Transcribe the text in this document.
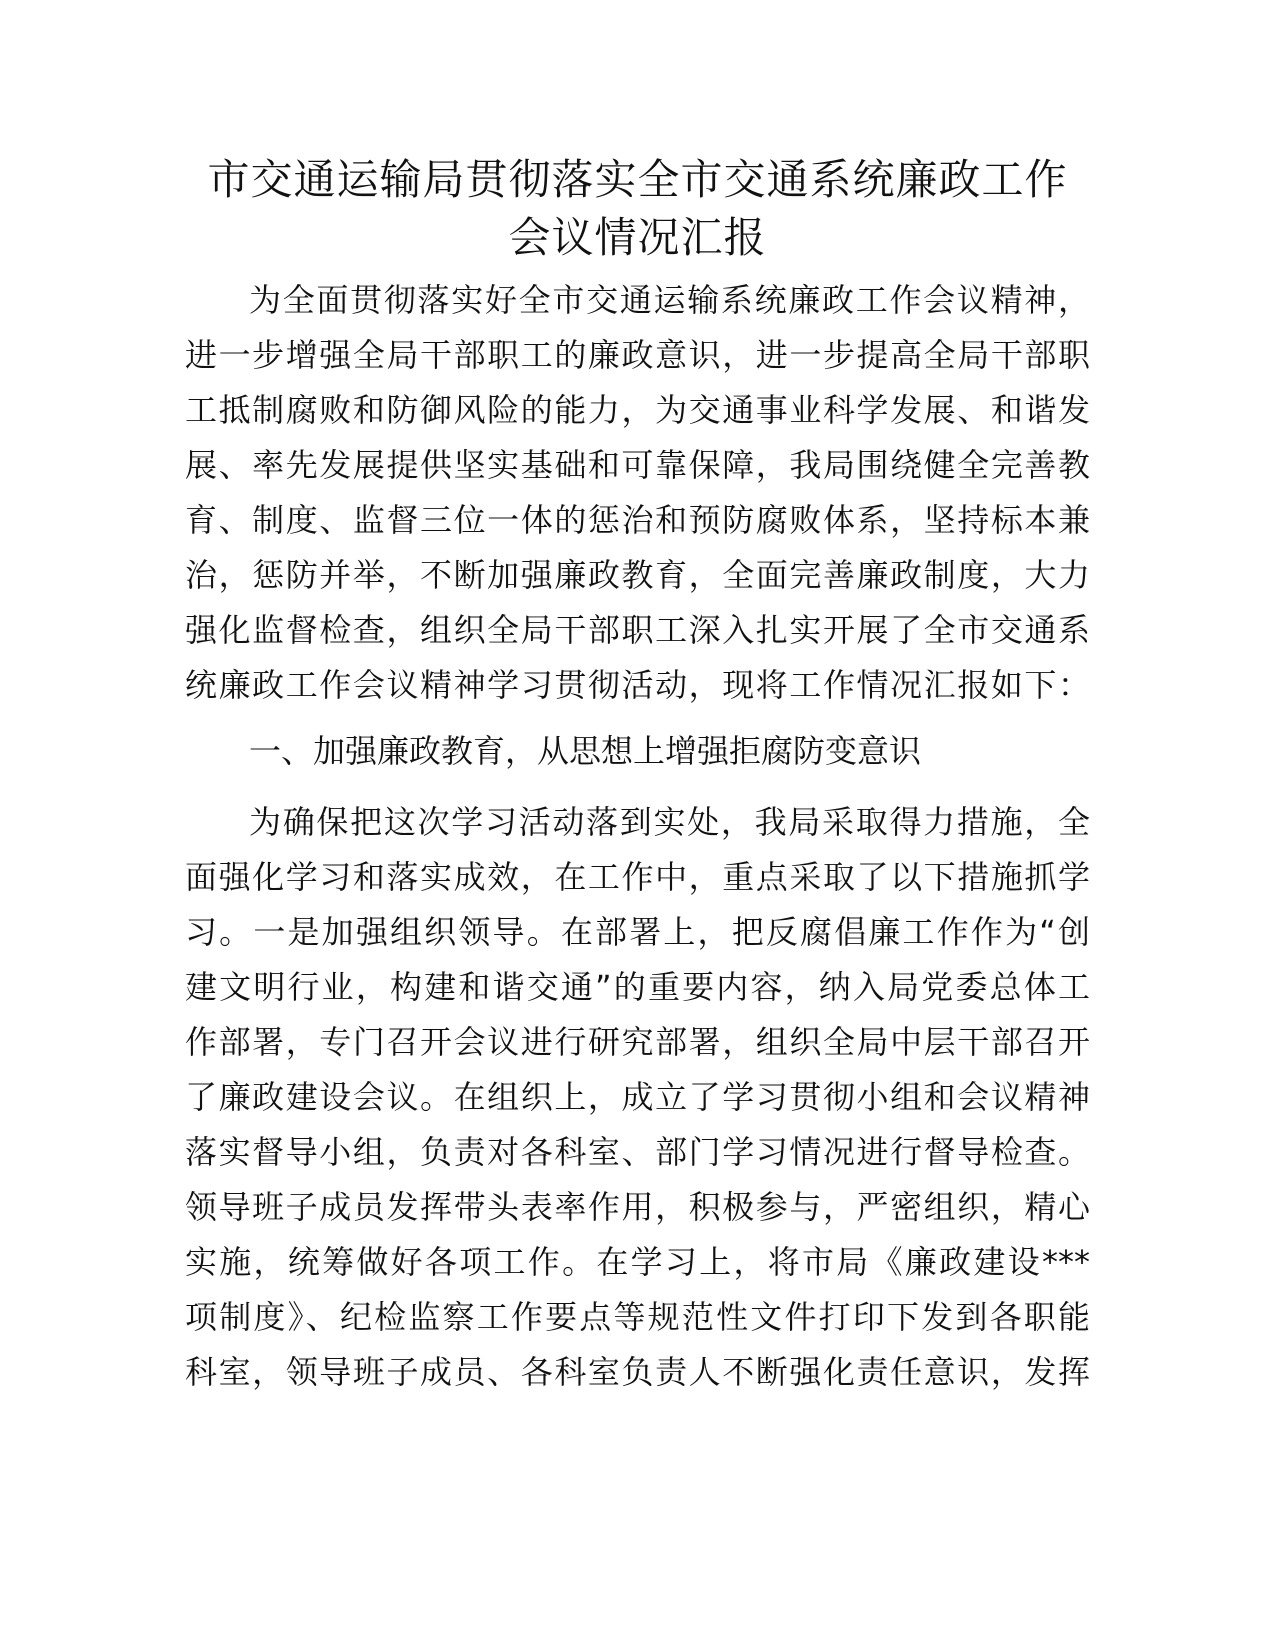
市交通运输局贯彻落实全市交通系统廉政工作
会议情况汇报
为全面贯彻落实好全市交通运输系统廉政工作会议精神，
进一步增强全局干部职工的廉政意识，进一步提高全局干部职
工抵制腐败和防御风险的能力，为交通事业科学发展、和谐发
展、率先发展提供坚实基础和可靠保障，我局围绕健全完善教
育、制度、监督三位一体的惩治和预防腐败体系，坚持标本兼
治，惩防并举，不断加强廉政教育，全面完善廉政制度，大力
强化监督检查，组织全局干部职工深入扎实开展了全市交通系
统廉政工作会议精神学习贯彻活动，现将工作情况汇报如下：
一、加强廉政教育，从思想上增强拒腐防变意识
为确保把这次学习活动落到实处，我局采取得力措施，全
面强化学习和落实成效，在工作中，重点采取了以下措施抓学
习。一是加强组织领导。在部署上，把反腐倡廉工作作为“创
建文明行业，构建和谐交通”的重要内容，纳入局党委总体工
作部署，专门召开会议进行研究部署，组织全局中层干部召开
了廉政建设会议。在组织上，成立了学习贯彻小组和会议精神
落实督导小组，负责对各科室、部门学习情况进行督导检查。
领导班子成员发挥带头表率作用，积极参与，严密组织，精心
实施，统筹做好各项工作。在学习上，将市局《廉政建设***
项制度》、纪检监察工作要点等规范性文件打印下发到各职能
科室，领导班子成员、各科室负责人不断强化责任意识，发挥
